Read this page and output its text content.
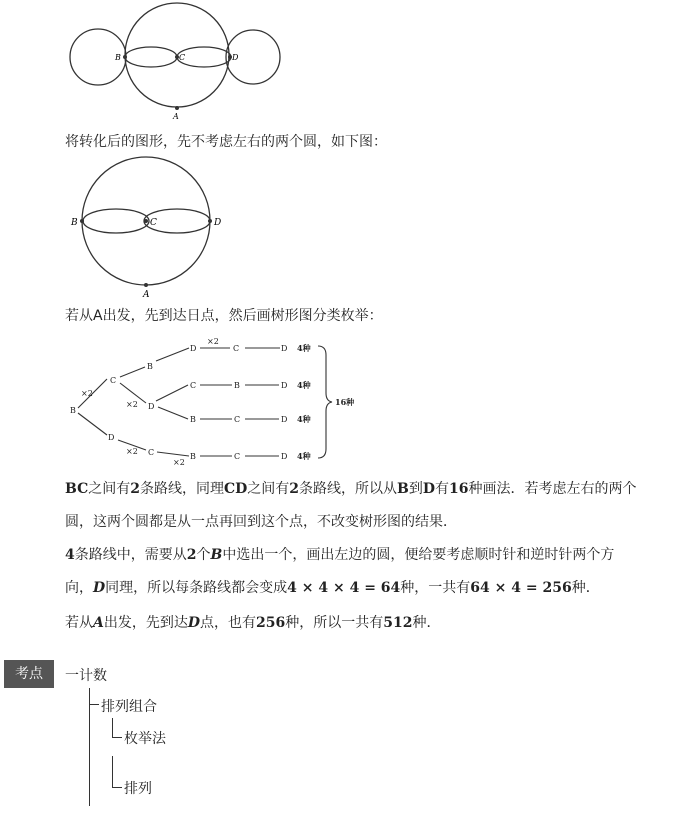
B	C	D
A
将转化后的图形，先不考虑左右的两个圆，如下图：
B	C	D
A
若从A出发，先到达日点，然后画树形图分类枚举：
B
×2
C
D
B
×2 D
D
×2
C	D
C	B	D
B	C	D
×2 C
×2
B	C	D
4种
4种
4种
4种
16种
BC之间有2条路线，同理CD之间有2条路线，所以从B到D有16种画法．若考虑左右的两个
圆，这两个圆都是从一点再回到这个点，不改变树形图的结果．
4条路线中，需要从2个B中选出一个，画出左边的圆，便给要考虑顺时针和逆时针两个方
向，D同理，所以每条路线都会变成4 × 4 × 4 = 64种，一共有64 × 4 = 256种．
若从A出发，先到达D点，也有256种，所以一共有512种．
考点	一计数
排列组合
枚举法
排列
